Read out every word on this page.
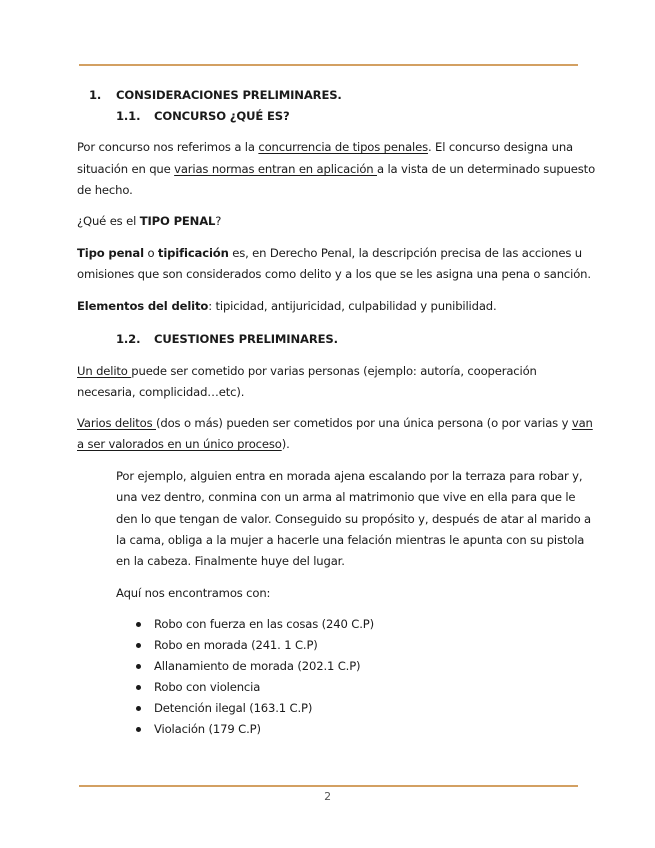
1. CONSIDERACIONES PRELIMINARES.
1.1. CONCURSO ¿QUÉ ES?
Por concurso nos referimos a la concurrencia de tipos penales. El concurso designa una
situación en que varias normas entran en aplicación a la vista de un determinado supuesto
de hecho.
¿Qué es el TIPO PENAL?
Tipo penal o tipificación es, en Derecho Penal, la descripción precisa de las acciones u
omisiones que son considerados como delito y a los que se les asigna una pena o sanción.
Elementos del delito: tipicidad, antijuricidad, culpabilidad y punibilidad.
1.2. CUESTIONES PRELIMINARES.
Un delito puede ser cometido por varias personas (ejemplo: autoría, cooperación
necesaria, complicidad…etc).
Varios delitos (dos o más) pueden ser cometidos por una única persona (o por varias y van
a ser valorados en un único proceso).
Por ejemplo, alguien entra en morada ajena escalando por la terraza para robar y,
una vez dentro, conmina con un arma al matrimonio que vive en ella para que le
den lo que tengan de valor. Conseguido su propósito y, después de atar al marido a
la cama, obliga a la mujer a hacerle una felación mientras le apunta con su pistola
en la cabeza. Finalmente huye del lugar.
Aquí nos encontramos con:
Robo con fuerza en las cosas (240 C.P)
Robo en morada (241. 1 C.P)
Allanamiento de morada (202.1 C.P)
Robo con violencia
Detención ilegal (163.1 C.P)
Violación (179 C.P)
2
